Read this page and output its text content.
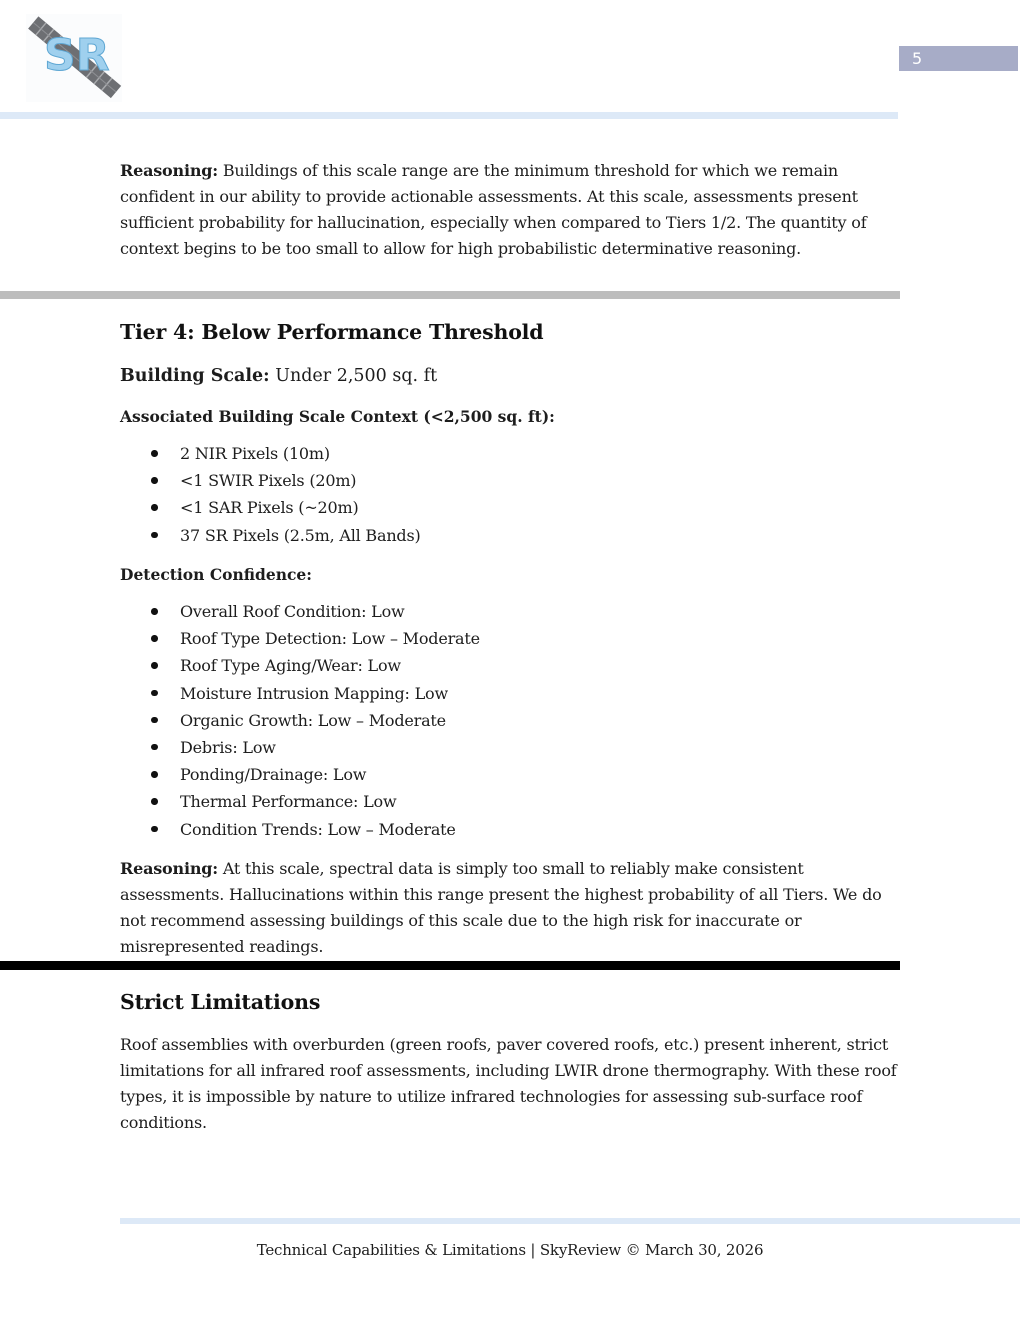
SR	5

Reasoning: Buildings of this scale range are the minimum threshold for which we remain confident in our ability to provide actionable assessments. At this scale, assessments present sufficient probability for hallucination, especially when compared to Tiers 1/2. The quantity of context begins to be too small to allow for high probabilistic determinative reasoning.

Tier 4: Below Performance Threshold

Building Scale: Under 2,500 sq. ft

Associated Building Scale Context (<2,500 sq. ft):

2 NIR Pixels (10m)
<1 SWIR Pixels (20m)
<1 SAR Pixels (~20m)
37 SR Pixels (2.5m, All Bands)

Detection Confidence:

Overall Roof Condition: Low
Roof Type Detection: Low – Moderate
Roof Type Aging/Wear: Low
Moisture Intrusion Mapping: Low
Organic Growth: Low – Moderate
Debris: Low
Ponding/Drainage: Low
Thermal Performance: Low
Condition Trends: Low – Moderate

Reasoning: At this scale, spectral data is simply too small to reliably make consistent assessments. Hallucinations within this range present the highest probability of all Tiers. We do not recommend assessing buildings of this scale due to the high risk for inaccurate or misrepresented readings.

Strict Limitations

Roof assemblies with overburden (green roofs, paver covered roofs, etc.) present inherent, strict limitations for all infrared roof assessments, including LWIR drone thermography. With these roof types, it is impossible by nature to utilize infrared technologies for assessing sub-surface roof conditions.

Technical Capabilities & Limitations | SkyReview © March 30, 2026
